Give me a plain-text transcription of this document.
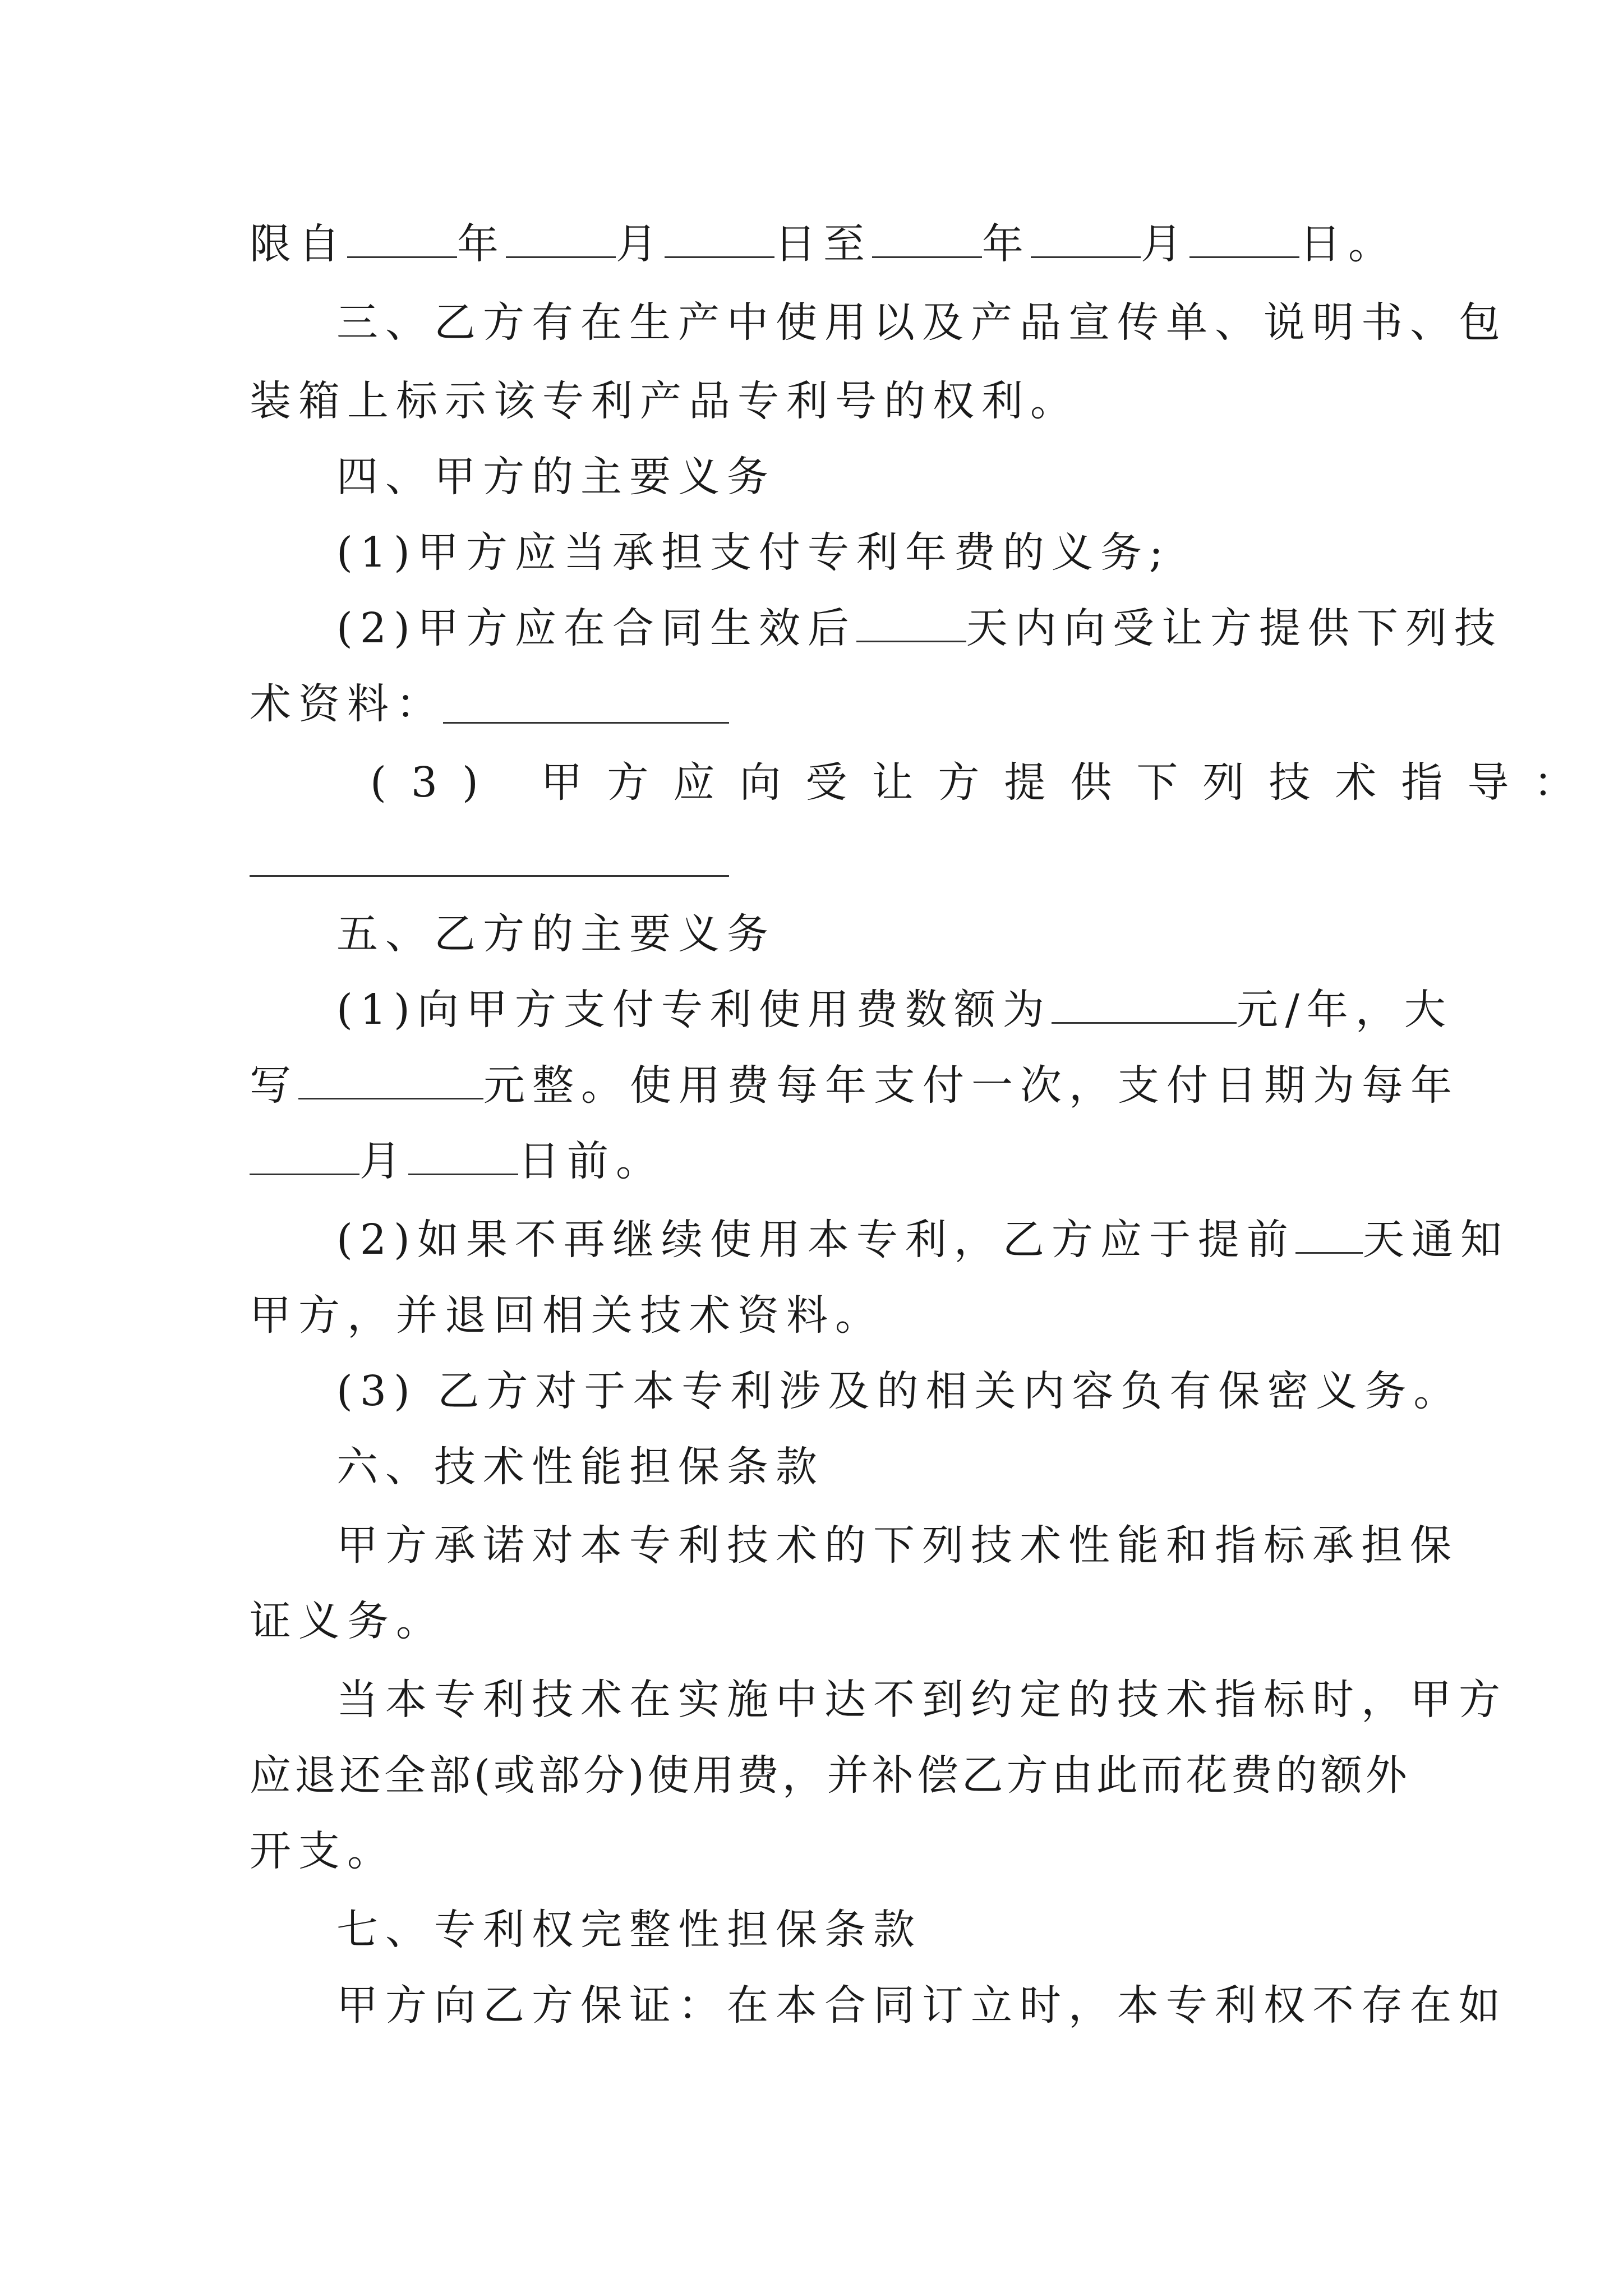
限自	年	月	日至	年	月	日。
三、乙方有在生产中使用以及产品宣传单、说明书、包
装箱上标示该专利产品专利号的权利。
四、甲方的主要义务
(1)甲方应当承担支付专利年费的义务;
(2)甲方应在合同生效后	天内向受让方提供下列技
术资料：
(3) 甲方应向受让方提供下列技术指导：
五、乙方的主要义务
(1)向甲方支付专利使用费数额为	元/年，大
写	元整。使用费每年支付一次，支付日期为每年
月	日前。
(2)如果不再继续使用本专利，乙方应于提前 天通知
甲方，并退回相关技术资料。
(3) 乙方对于本专利涉及的相关内容负有保密义务。
六、技术性能担保条款
甲方承诺对本专利技术的下列技术性能和指标承担保
证义务。
当本专利技术在实施中达不到约定的技术指标时，甲方
应退还全部(或部分)使用费，并补偿乙方由此而花费的额外
开支。
七、专利权完整性担保条款
甲方向乙方保证：在本合同订立时，本专利权不存在如
